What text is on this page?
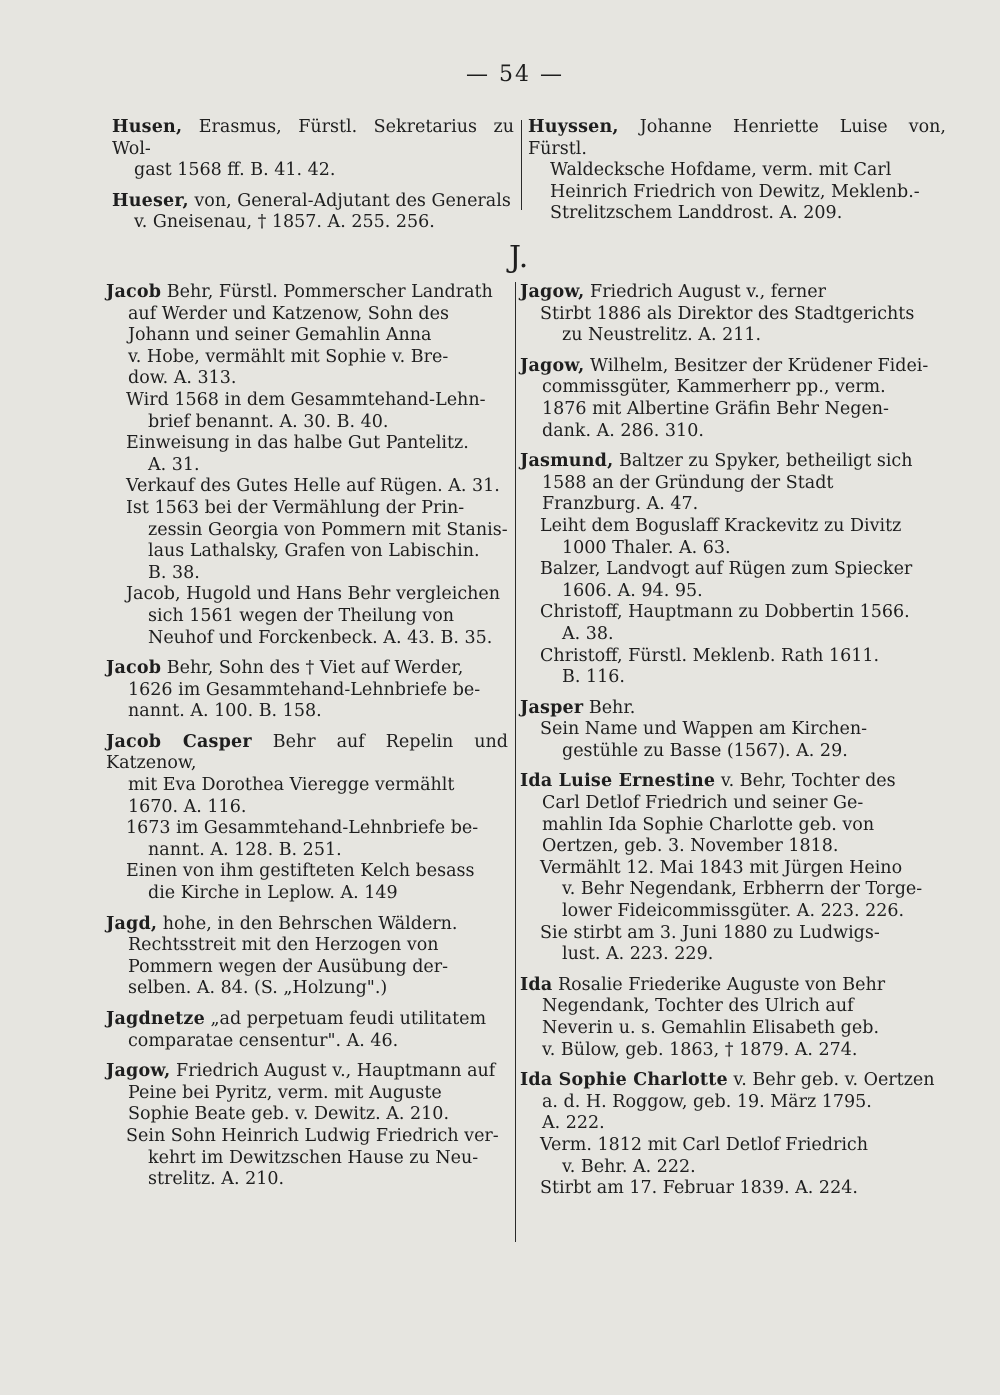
— 54 —
Husen, Erasmus, Fürstl. Sekretarius zu Wol-
gast 1568 ff. B. 41. 42.
Hueser, von, General-Adjutant des Generals
v. Gneisenau, † 1857. A. 255. 256.
Huyssen, Johanne Henriette Luise von, Fürstl.
Waldecksche Hofdame, verm. mit Carl
Heinrich Friedrich von Dewitz, Meklenb.-
Strelitzschem Landdrost. A. 209.
J.
Jacob Behr, Fürstl. Pommerscher Landrath
auf Werder und Katzenow, Sohn des
Johann und seiner Gemahlin Anna
v. Hobe, vermählt mit Sophie v. Bre-
dow. A. 313.
Wird 1568 in dem Gesammtehand-Lehn-
brief benannt. A. 30. B. 40.
Einweisung in das halbe Gut Pantelitz.
A. 31.
Verkauf des Gutes Helle auf Rügen. A. 31.
Ist 1563 bei der Vermählung der Prin-
zessin Georgia von Pommern mit Stanis-
laus Lathalsky, Grafen von Labischin.
B. 38.
Jacob, Hugold und Hans Behr vergleichen
sich 1561 wegen der Theilung von
Neuhof und Forckenbeck. A. 43. B. 35.
Jacob Behr, Sohn des † Viet auf Werder,
1626 im Gesammtehand-Lehnbriefe be-
nannt. A. 100. B. 158.
Jacob Casper Behr auf Repelin und Katzenow,
mit Eva Dorothea Vieregge vermählt
1670. A. 116.
1673 im Gesammtehand-Lehnbriefe be-
nannt. A. 128. B. 251.
Einen von ihm gestifteten Kelch besass
die Kirche in Leplow. A. 149
Jagd, hohe, in den Behrschen Wäldern.
Rechtsstreit mit den Herzogen von
Pommern wegen der Ausübung der-
selben. A. 84. (S. „Holzung".)
Jagdnetze „ad perpetuam feudi utilitatem
comparatae censentur". A. 46.
Jagow, Friedrich August v., Hauptmann auf
Peine bei Pyritz, verm. mit Auguste
Sophie Beate geb. v. Dewitz. A. 210.
Sein Sohn Heinrich Ludwig Friedrich ver-
kehrt im Dewitzschen Hause zu Neu-
strelitz. A. 210.
Jagow, Friedrich August v., ferner
Stirbt 1886 als Direktor des Stadtgerichts
zu Neustrelitz. A. 211.
Jagow, Wilhelm, Besitzer der Krüdener Fidei-
commissgüter, Kammerherr pp., verm.
1876 mit Albertine Gräfin Behr Negen-
dank. A. 286. 310.
Jasmund, Baltzer zu Spyker, betheiligt sich
1588 an der Gründung der Stadt
Franzburg. A. 47.
Leiht dem Boguslaff Krackevitz zu Divitz
1000 Thaler. A. 63.
Balzer, Landvogt auf Rügen zum Spiecker
1606. A. 94. 95.
Christoff, Hauptmann zu Dobbertin 1566.
A. 38.
Christoff, Fürstl. Meklenb. Rath 1611.
B. 116.
Jasper Behr.
Sein Name und Wappen am Kirchen-
gestühle zu Basse (1567). A. 29.
Ida Luise Ernestine v. Behr, Tochter des
Carl Detlof Friedrich und seiner Ge-
mahlin Ida Sophie Charlotte geb. von
Oertzen, geb. 3. November 1818.
Vermählt 12. Mai 1843 mit Jürgen Heino
v. Behr Negendank, Erbherrn der Torge-
lower Fideicommissgüter. A. 223. 226.
Sie stirbt am 3. Juni 1880 zu Ludwigs-
lust. A. 223. 229.
Ida Rosalie Friederike Auguste von Behr
Negendank, Tochter des Ulrich auf
Neverin u. s. Gemahlin Elisabeth geb.
v. Bülow, geb. 1863, † 1879. A. 274.
Ida Sophie Charlotte v. Behr geb. v. Oertzen
a. d. H. Roggow, geb. 19. März 1795.
A. 222.
Verm. 1812 mit Carl Detlof Friedrich
v. Behr. A. 222.
Stirbt am 17. Februar 1839. A. 224.
